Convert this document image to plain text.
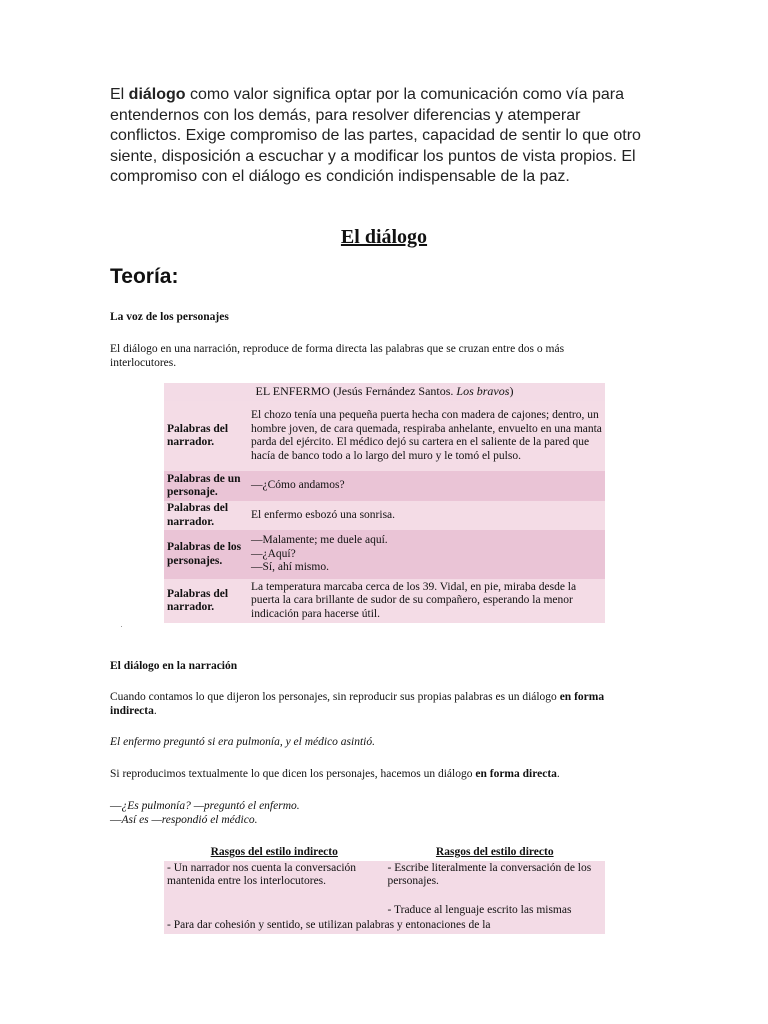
El diálogo como valor significa optar por la comunicación como vía para entendernos con los demás, para resolver diferencias y atemperar conflictos. Exige compromiso de las partes, capacidad de sentir lo que otro siente, disposición a escuchar y a modificar los puntos de vista propios. El compromiso con el diálogo es condición indispensable de la paz.

El diálogo
Teoría:

La voz de los personajes

El diálogo en una narración, reproduce de forma directa las palabras que se cruzan entre dos o más interlocutores.

EL ENFERMO (Jesús Fernández Santos. Los bravos)	
Palabras del narrador.	El chozo tenía una pequeña puerta hecha con madera de cajones; dentro, un hombre joven, de cara quemada, respiraba anhelante, envuelto en una manta parda del ejército. El médico dejó su cartera en el saliente de la pared que hacía de banco todo a lo largo del muro y le tomó el pulso.
Palabras de un personaje.	—¿Cómo andamos?
Palabras del narrador.	El enfermo esbozó una sonrisa.
Palabras de los personajes.	—Malamente; me duele aquí.
—¿Aquí?
—Sí, ahí mismo.

Palabras del narrador.	La temperatura marcaba cerca de los 39. Vidal, en pie, miraba desde la puerta la cara brillante de sudor de su compañero, esperando la menor indicación para hacerse útil.

El diálogo en la narración

Cuando contamos lo que dijeron los personajes, sin reproducir sus propias palabras es un diálogo en forma indirecta.

El enfermo preguntó si era pulmonía, y el médico asintió.

Si reproducimos textualmente lo que dicen los personajes, hacemos un diálogo en forma directa.

—¿Es pulmonía? —preguntó el enfermo.
—Así es —respondió el médico.

Rasgos del estilo indirecto	Rasgos del estilo directo
- Un narrador nos cuenta la conversación mantenida entre los interlocutores.	- Escribe literalmente la conversación de los personajes.
	- Traduce al lenguaje escrito las mismas
- Para dar cohesión y sentido, se utilizan palabras y entonaciones de la	
